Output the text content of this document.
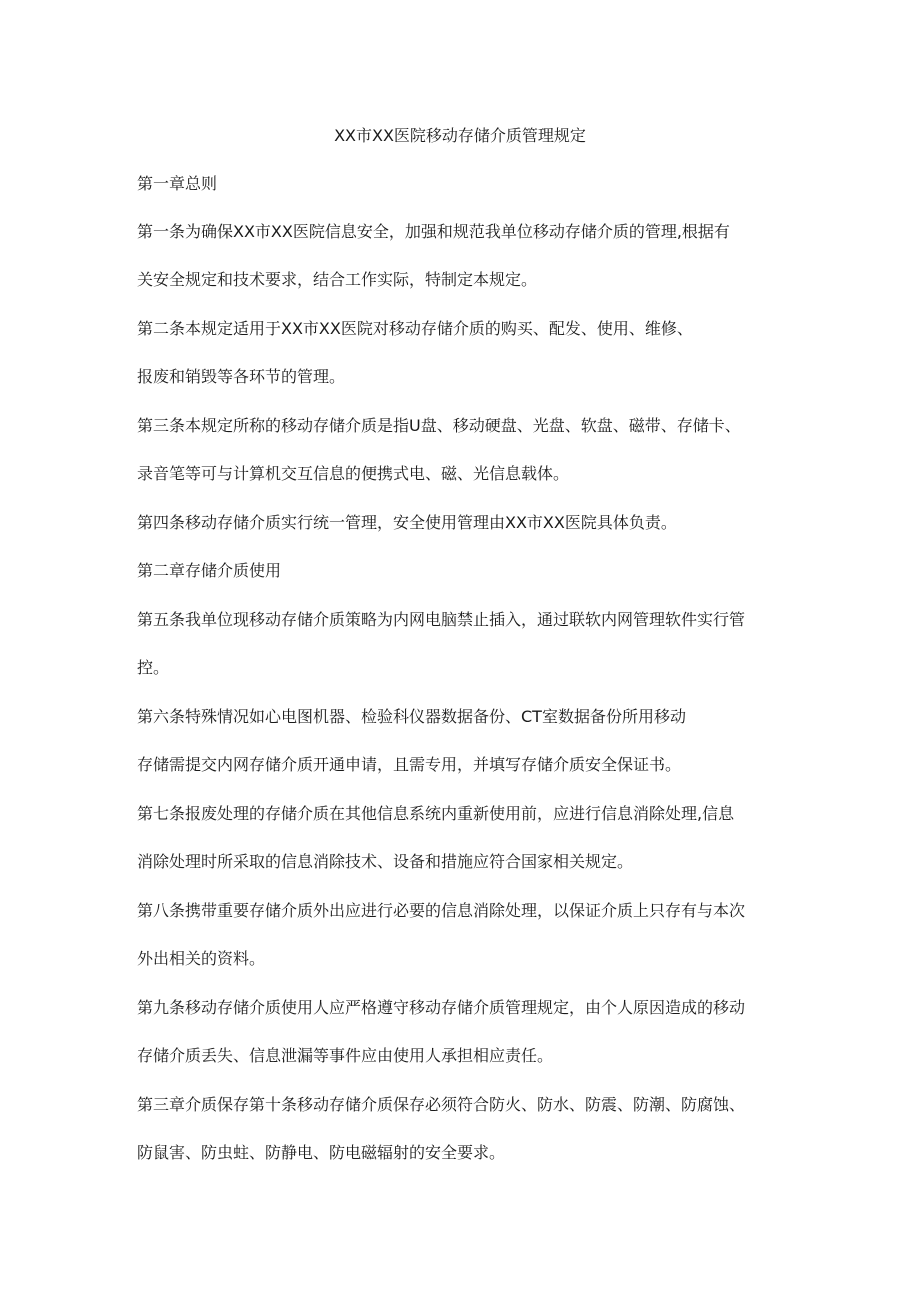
XX市XX医院移动存储介质管理规定
第一章总则
第一条为确保XX市XX医院信息安全，加强和规范我单位移动存储介质的管理,根据有
关安全规定和技术要求，结合工作实际，特制定本规定。
第二条本规定适用于XX市XX医院对移动存储介质的购买、配发、使用、维修、
报废和销毁等各环节的管理。
第三条本规定所称的移动存储介质是指U盘、移动硬盘、光盘、软盘、磁带、存储卡、
录音笔等可与计算机交互信息的便携式电、磁、光信息载体。
第四条移动存储介质实行统一管理，安全使用管理由XX市XX医院具体负责。
第二章存储介质使用
第五条我单位现移动存储介质策略为内网电脑禁止插入，通过联软内网管理软件实行管
控。
第六条特殊情况如心电图机器、检验科仪器数据备份、CT室数据备份所用移动
存储需提交内网存储介质开通申请，且需专用，并填写存储介质安全保证书。
第七条报废处理的存储介质在其他信息系统内重新使用前，应进行信息消除处理,信息
消除处理时所采取的信息消除技术、设备和措施应符合国家相关规定。
第八条携带重要存储介质外出应进行必要的信息消除处理，以保证介质上只存有与本次
外出相关的资料。
第九条移动存储介质使用人应严格遵守移动存储介质管理规定，由个人原因造成的移动
存储介质丢失、信息泄漏等事件应由使用人承担相应责任。
第三章介质保存第十条移动存储介质保存必须符合防火、防水、防震、防潮、防腐蚀、
防鼠害、防虫蛀、防静电、防电磁辐射的安全要求。
